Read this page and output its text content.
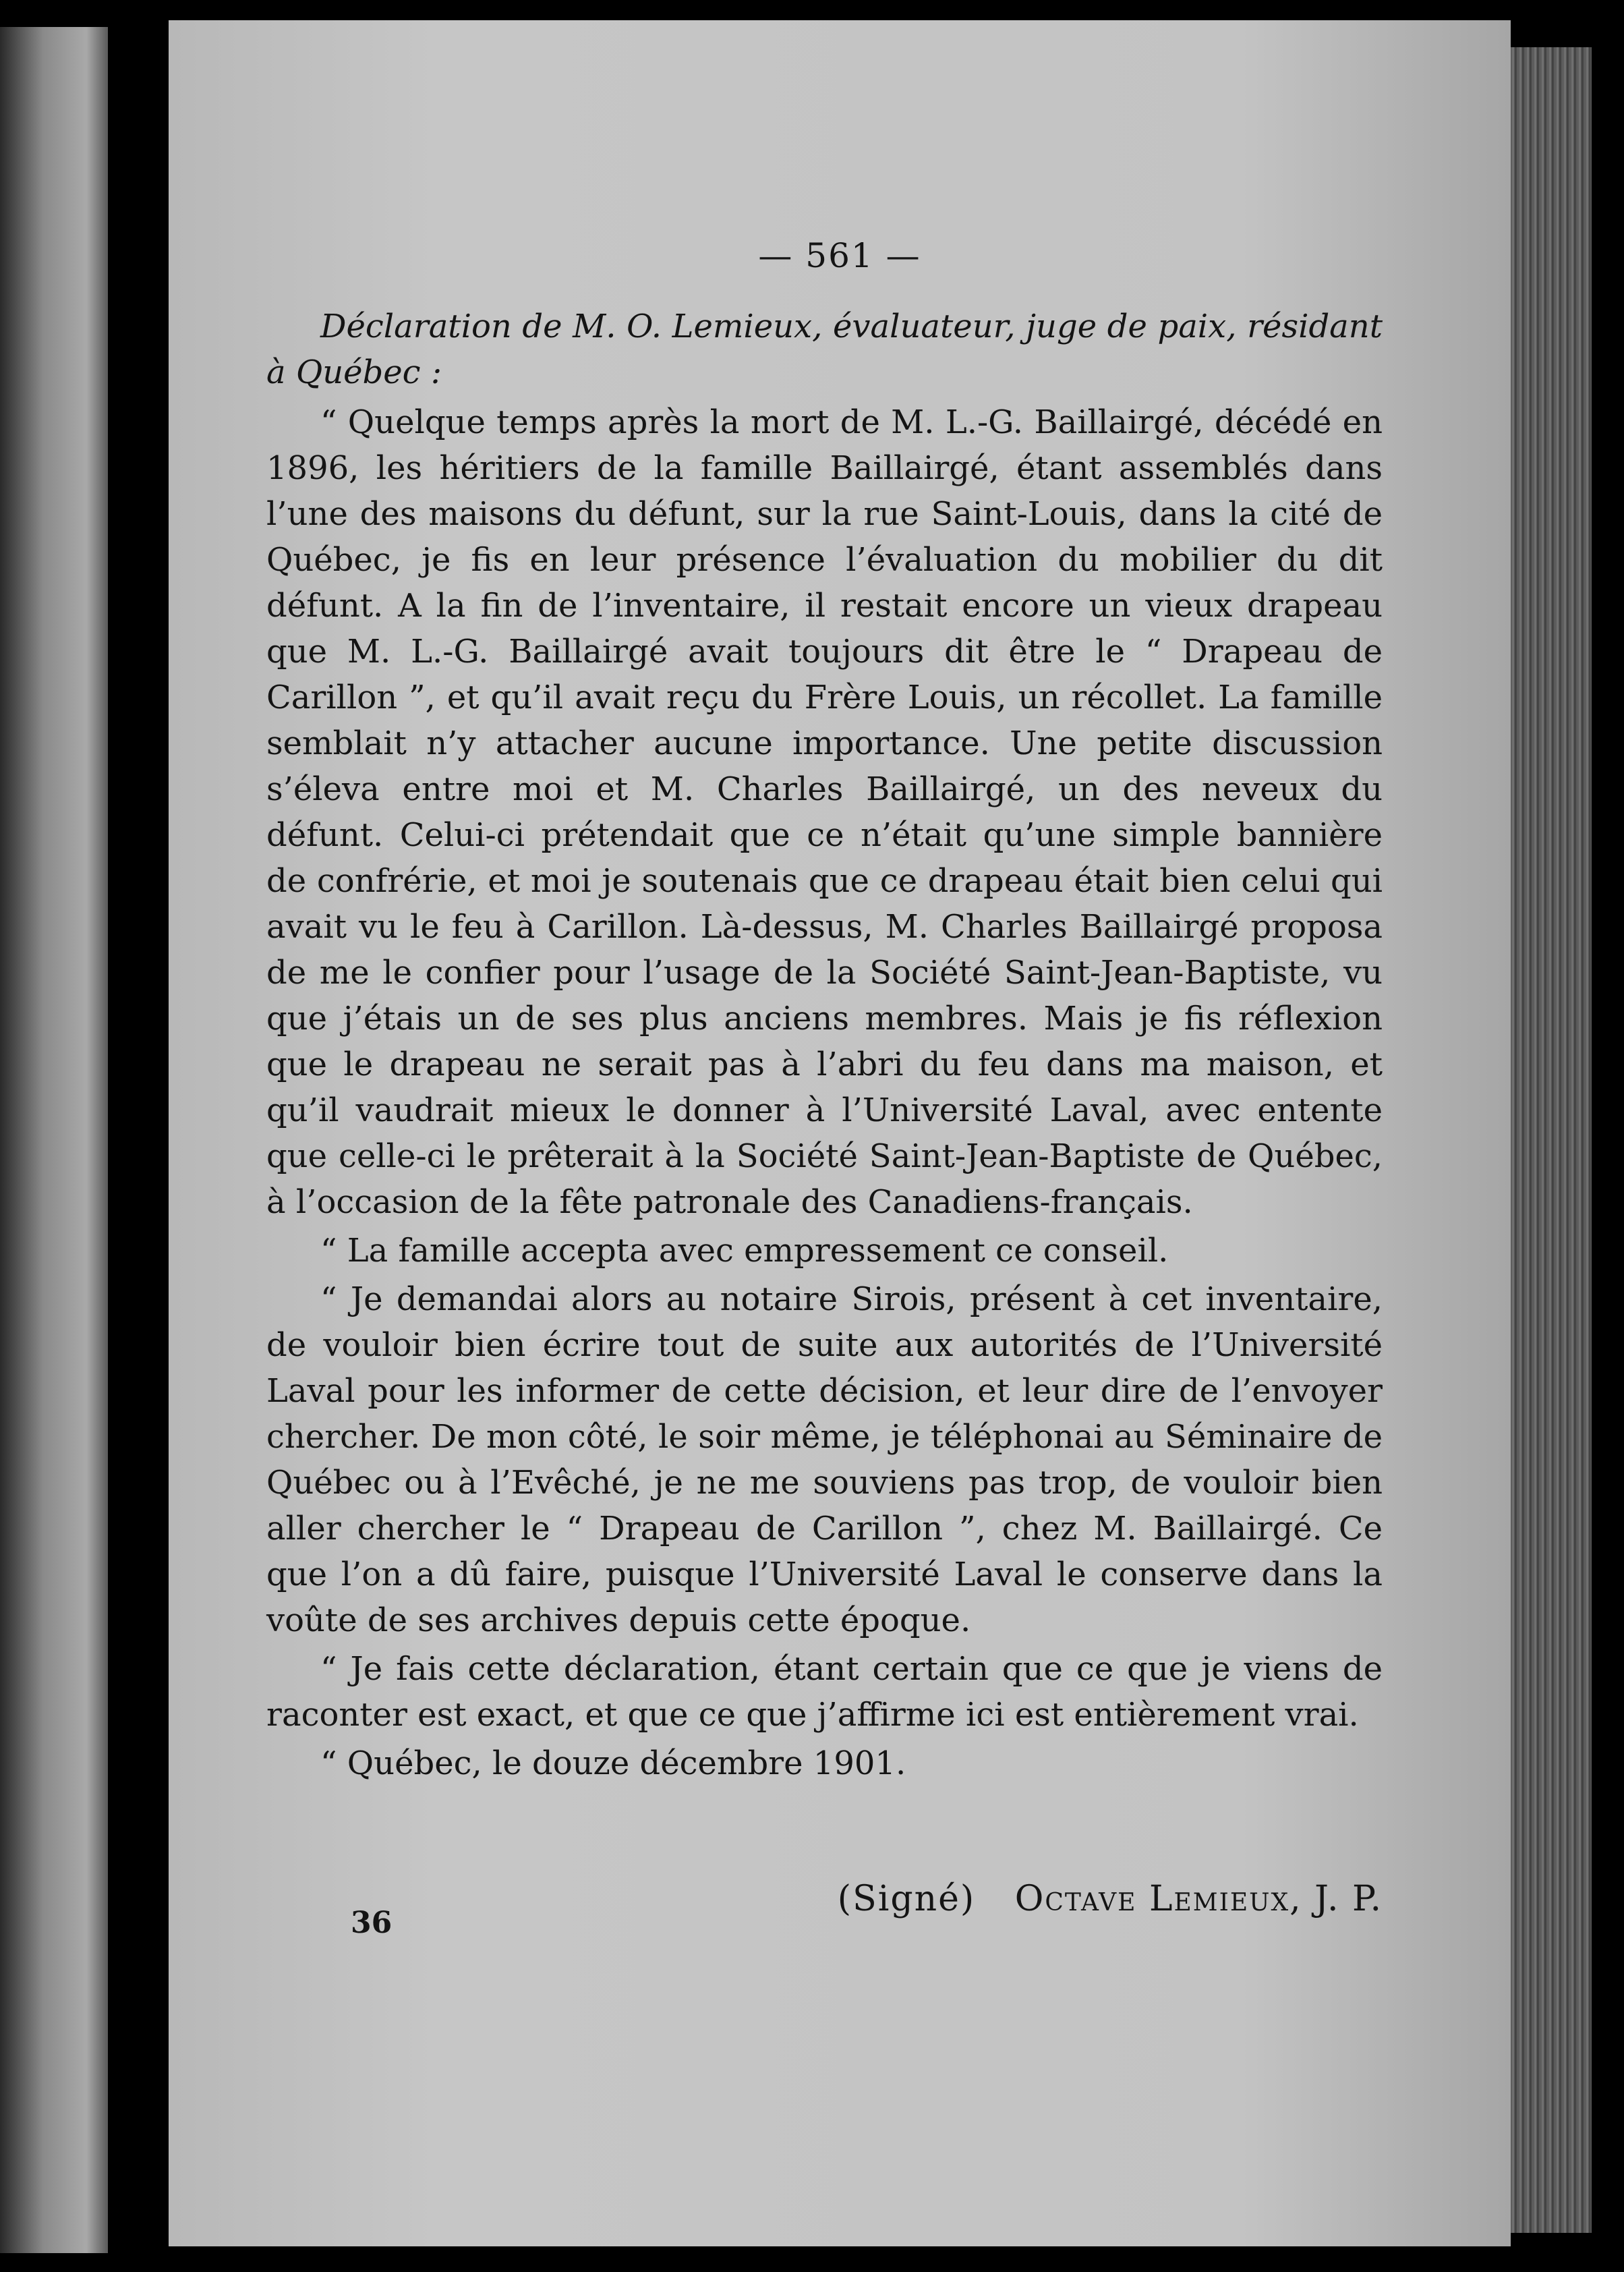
— 561 —

Déclaration de M. O. Lemieux, évaluateur, juge de paix, résidant à Québec :

“ Quelque temps après la mort de M. L.-G. Baillairgé, décédé en 1896, les héritiers de la famille Baillairgé, étant assemblés dans l’une des maisons du défunt, sur la rue Saint-Louis, dans la cité de Québec, je fis en leur présence l’évaluation du mobilier du dit défunt. A la fin de l’inventaire, il restait encore un vieux drapeau que M. L.-G. Baillairgé avait toujours dit être le “ Drapeau de Carillon ”, et qu’il avait reçu du Frère Louis, un récollet. La famille semblait n’y attacher aucune importance. Une petite discussion s’éleva entre moi et M. Charles Baillairgé, un des neveux du défunt. Celui-ci prétendait que ce n’était qu’une simple bannière de confrérie, et moi je soutenais que ce drapeau était bien celui qui avait vu le feu à Carillon. Là-dessus, M. Charles Baillairgé proposa de me le confier pour l’usage de la Société Saint-Jean-Baptiste, vu que j’étais un de ses plus anciens membres. Mais je fis réflexion que le drapeau ne serait pas à l’abri du feu dans ma maison, et qu’il vaudrait mieux le donner à l’Université Laval, avec entente que celle-ci le prêterait à la Société Saint-Jean-Baptiste de Québec, à l’occasion de la fête patronale des Canadiens-français.

“ La famille accepta avec empressement ce conseil.

“ Je demandai alors au notaire Sirois, présent à cet inventaire, de vouloir bien écrire tout de suite aux autorités de l’Université Laval pour les informer de cette décision, et leur dire de l’envoyer chercher. De mon côté, le soir même, je téléphonai au Séminaire de Québec ou à l’Evêché, je ne me souviens pas trop, de vouloir bien aller chercher le “ Drapeau de Carillon ”, chez M. Baillairgé. Ce que l’on a dû faire, puisque l’Université Laval le conserve dans la voûte de ses archives depuis cette époque.

“ Je fais cette déclaration, étant certain que ce que je viens de raconter est exact, et que ce que j’affirme ici est entièrement vrai.

“ Québec, le douze décembre 1901.

36
(Signé) Octave Lemieux, J. P.
